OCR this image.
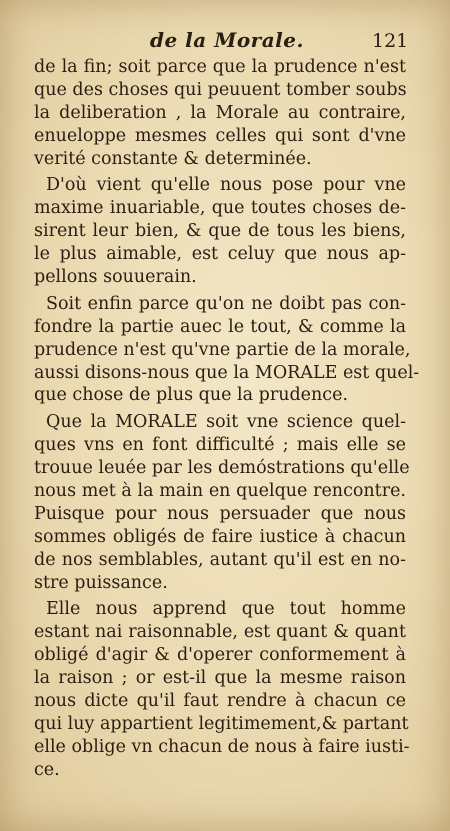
de la Morale.	121
de la fin; soit parce que la prudence n'est
que des choses qui peuuent tomber soubs
la deliberation , la Morale au contraire,
enueloppe mesmes celles qui sont d'vne
verité constante & determinée.
D'où vient qu'elle nous pose pour vne
maxime inuariable, que toutes choses de-
sirent leur bien, & que de tous les biens,
le plus aimable, est celuy que nous ap-
pellons souuerain.
Soit enfin parce qu'on ne doibt pas con-
fondre la partie auec le tout, & comme la
prudence n'est qu'vne partie de la morale,
aussi disons-nous que la MORALE est quel-
que chose de plus que la prudence.
Que la MORALE soit vne science quel-
ques vns en font difficulté ; mais elle se
trouue leuée par les demóstrations qu'elle
nous met à la main en quelque rencontre.
Puisque pour nous persuader que nous
sommes obligés de faire iustice à chacun
de nos semblables, autant qu'il est en no-
stre puissance.
Elle nous apprend que tout homme
estant nai raisonnable, est quant & quant
obligé d'agir & d'operer conformement à
la raison ; or est-il que la mesme raison
nous dicte qu'il faut rendre à chacun ce
qui luy appartient legitimement,& partant
elle oblige vn chacun de nous à faire iusti-
ce.
